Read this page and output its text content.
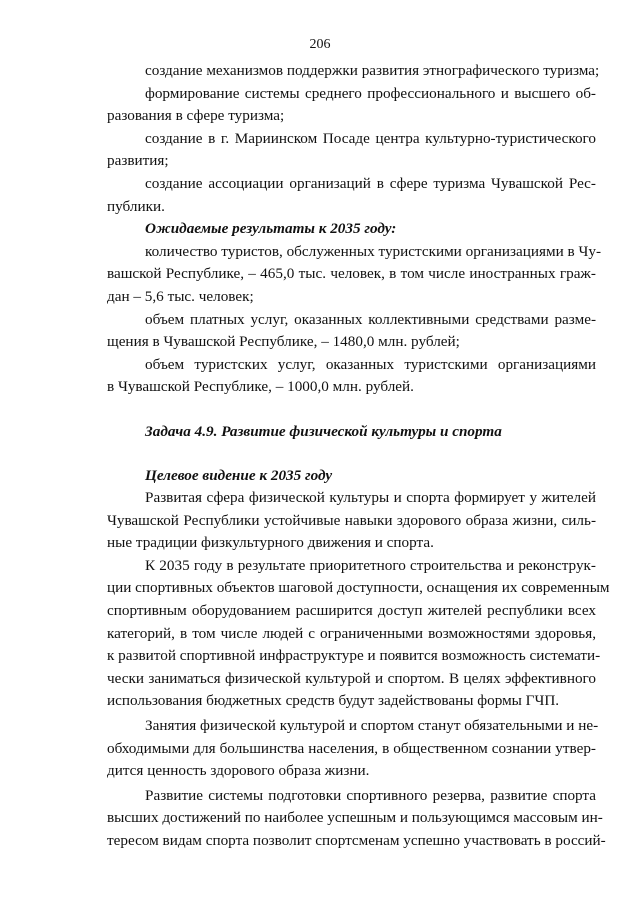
206
создание механизмов поддержки развития этнографического туризма;
формирование системы среднего профессионального и высшего об-
разования в сфере туризма;
создание в г. Мариинском Посаде центра культурно-туристического
развития;
создание ассоциации организаций в сфере туризма Чувашской Рес-
публики.
Ожидаемые результаты к 2035 году:
количество туристов, обслуженных туристскими организациями в Чу-
вашской Республике, – 465,0 тыс. человек, в том числе иностранных граж-
дан – 5,6 тыс. человек;
объем платных услуг, оказанных коллективными средствами разме-
щения в Чувашской Республике, – 1480,0 млн. рублей;
объем туристских услуг, оказанных туристскими организациями
в Чувашской Республике, – 1000,0 млн. рублей.
Задача 4.9. Развитие физической культуры и спорта
Целевое видение к 2035 году
Развитая сфера физической культуры и спорта формирует у жителей
Чувашской Республики устойчивые навыки здорового образа жизни, силь-
ные традиции физкультурного движения и спорта.
К 2035 году в результате приоритетного строительства и реконструк-
ции спортивных объектов шаговой доступности, оснащения их современным
спортивным оборудованием расширится доступ жителей республики всех
категорий, в том числе людей с ограниченными возможностями здоровья,
к развитой спортивной инфраструктуре и появится возможность системати-
чески заниматься физической культурой и спортом. В целях эффективного
использования бюджетных средств будут задействованы формы ГЧП.
Занятия физической культурой и спортом станут обязательными и не-
обходимыми для большинства населения, в общественном сознании утвер-
дится ценность здорового образа жизни.
Развитие системы подготовки спортивного резерва, развитие спорта
высших достижений по наиболее успешным и пользующимся массовым ин-
тересом видам спорта позволит спортсменам успешно участвовать в россий-
